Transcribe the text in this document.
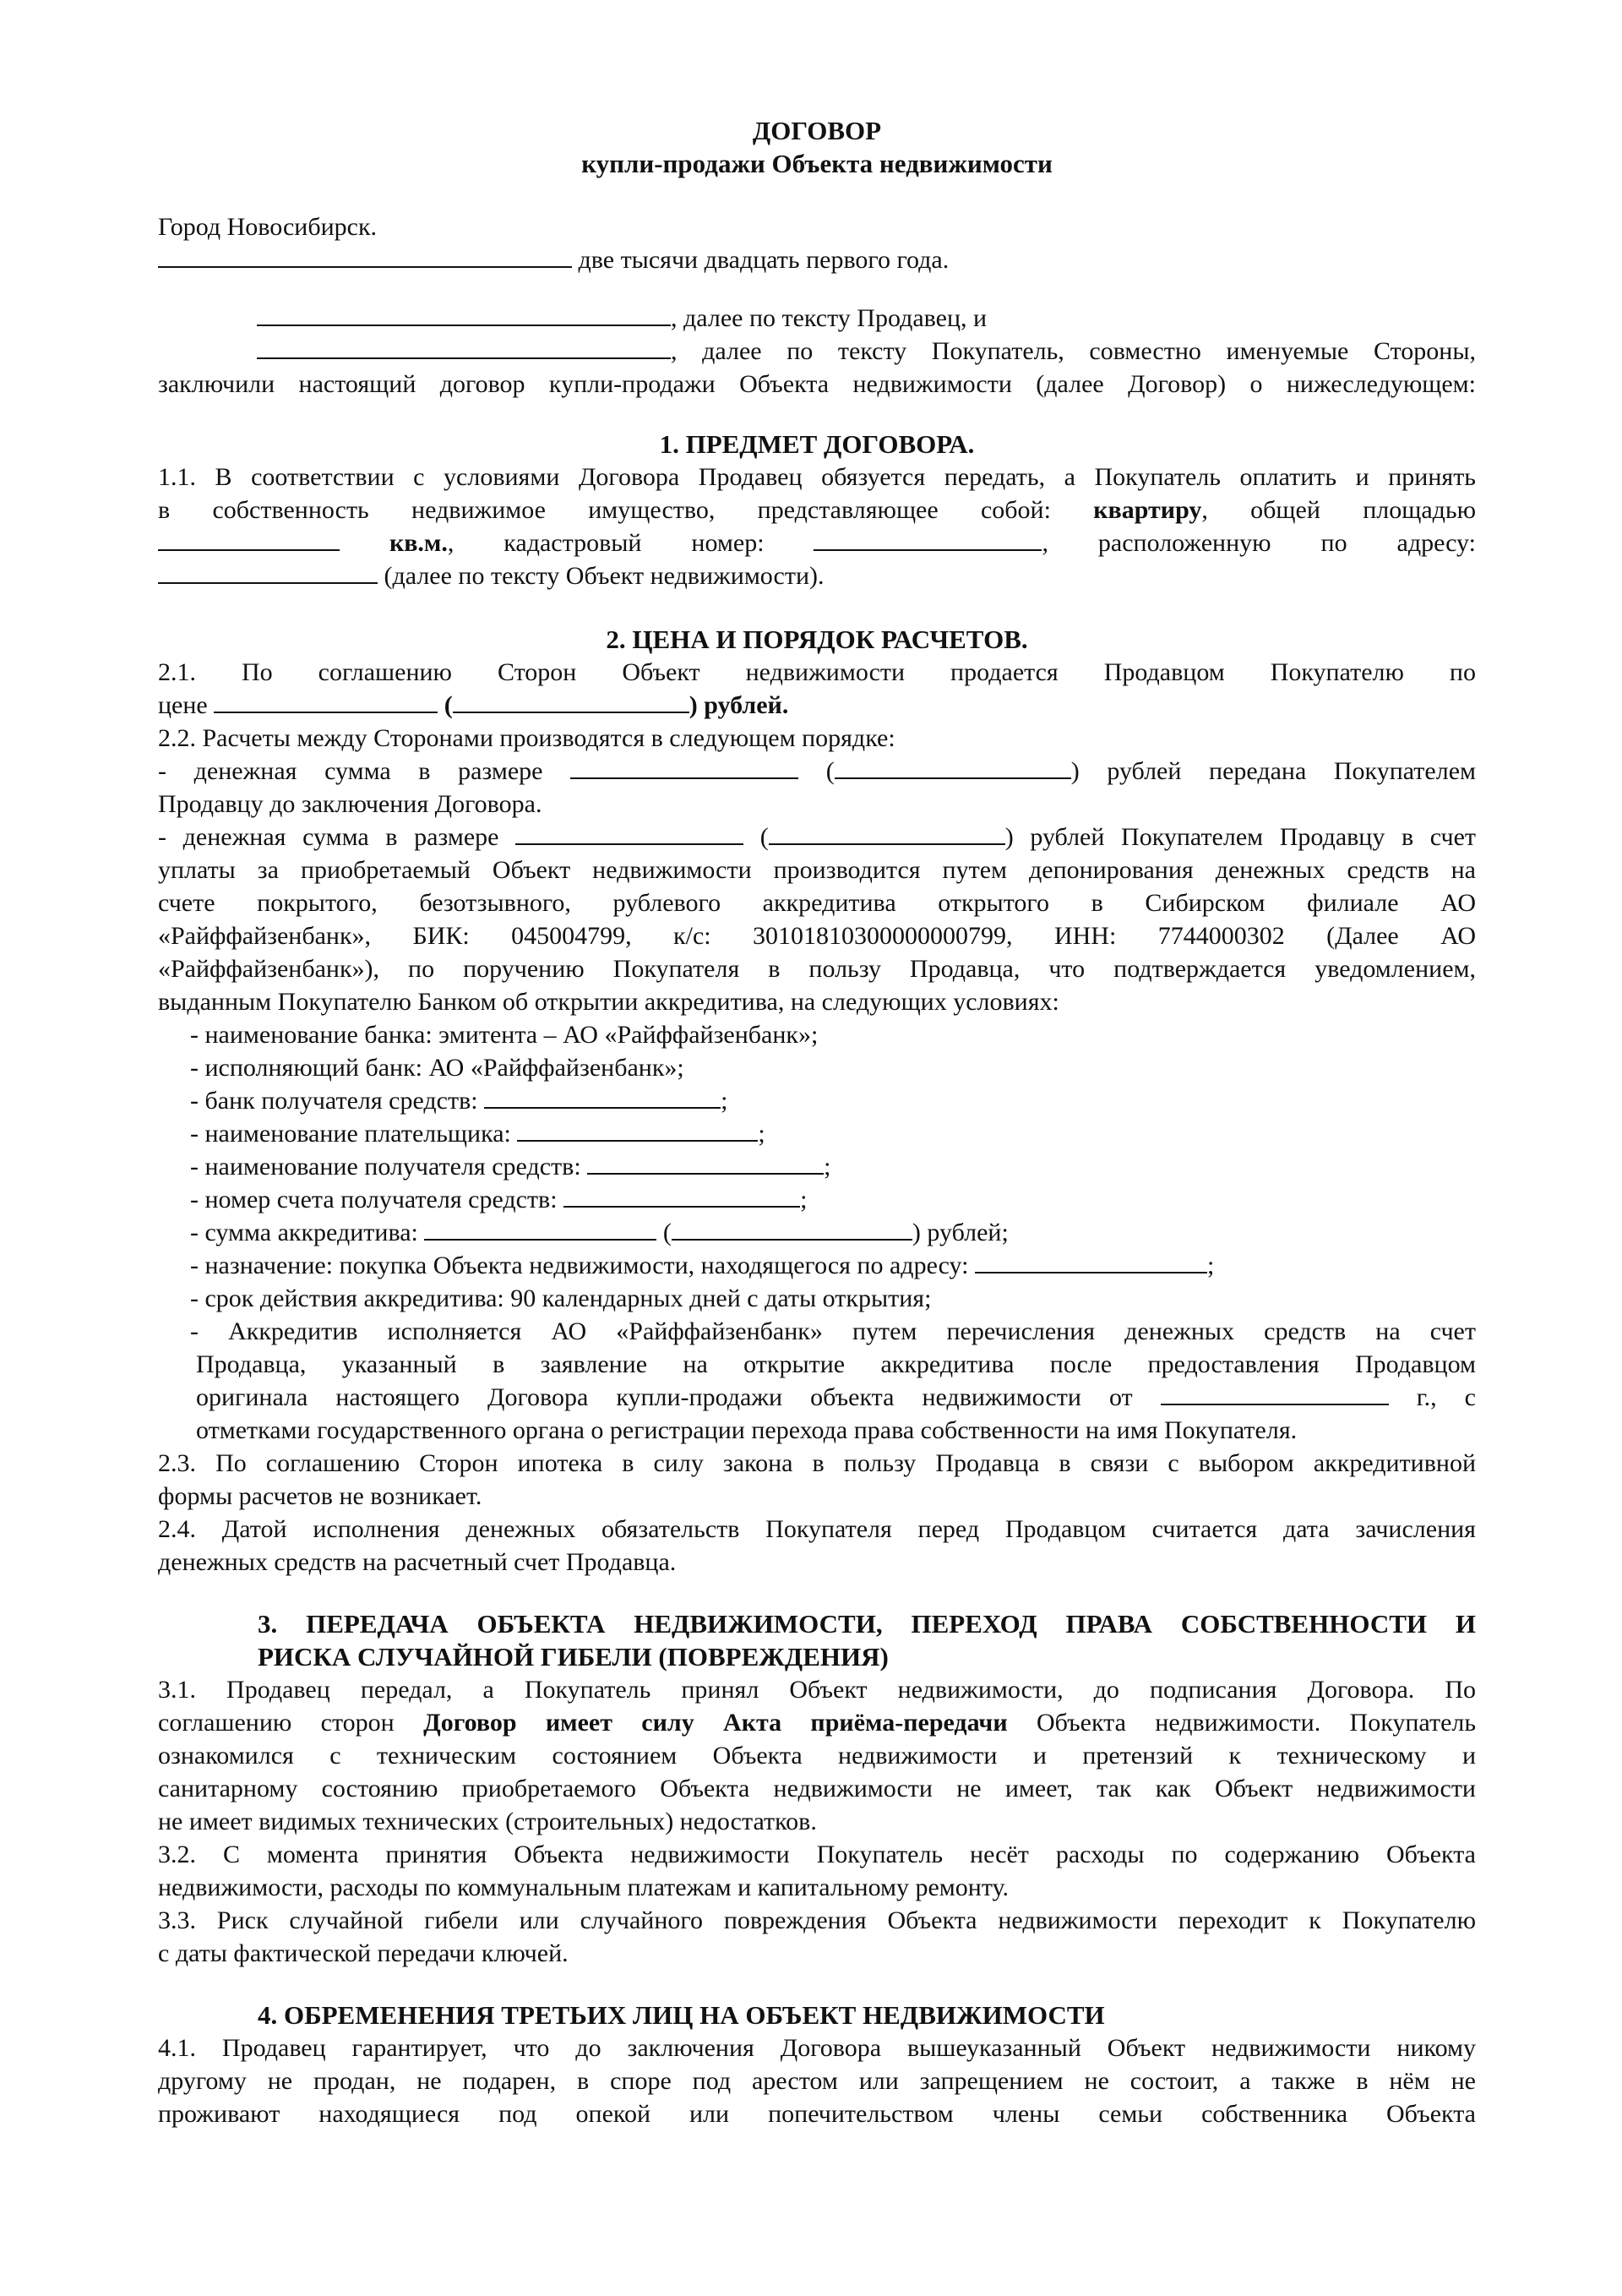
ДОГОВОР

купли-продажи Объекта недвижимости

Город Новосибирск.

две тысячи двадцать первого года.

, далее по тексту Продавец, и

, далее по тексту Покупатель, совместно именуемые Стороны,

заключили настоящий договор купли-продажи Объекта недвижимости (далее Договор) о нижеследующем:

1. ПРЕДМЕТ ДОГОВОРА.

1.1. В соответствии с условиями Договора Продавец обязуется передать, а Покупатель оплатить и принять

в собственность недвижимое имущество, представляющее собой: квартиру, общей площадью

кв.м., кадастровый номер:	, расположенную по адресу:

(далее по тексту Объект недвижимости).

2. ЦЕНА И ПОРЯДОК РАСЧЕТОВ.

2.1. По соглашению Сторон Объект недвижимости продается Продавцом Покупателю по

цене	(	) рублей.

2.2. Расчеты между Сторонами производятся в следующем порядке:

- денежная сумма в размере	(	) рублей передана Покупателем

Продавцу до заключения Договора.

- денежная сумма в размере	(	) рублей Покупателем Продавцу в счет

уплаты за приобретаемый Объект недвижимости производится путем депонирования денежных средств на

счете покрытого, безотзывного, рублевого аккредитива открытого в Сибирском филиале АО

«Райффайзенбанк», БИК: 045004799, к/с: 30101810300000000799, ИНН: 7744000302 (Далее АО

«Райффайзенбанк»), по поручению Покупателя в пользу Продавца, что подтверждается уведомлением,

выданным Покупателю Банком об открытии аккредитива, на следующих условиях:

- наименование банка: эмитента – АО «Райффайзенбанк»;

- исполняющий банк: АО «Райффайзенбанк»;

- банк получателя средств:	;

- наименование плательщика:	;

- наименование получателя средств:	;

- номер счета получателя средств:	;

- сумма аккредитива:	(	) рублей;

- назначение: покупка Объекта недвижимости, находящегося по адресу:	;

- срок действия аккредитива: 90 календарных дней с даты открытия;

- Аккредитив исполняется АО «Райффайзенбанк» путем перечисления денежных средств на счет

Продавца, указанный в заявление на открытие аккредитива после предоставления Продавцом

оригинала настоящего Договора купли-продажи объекта недвижимости от	г., с

отметками государственного органа о регистрации перехода права собственности на имя Покупателя.

2.3. По соглашению Сторон ипотека в силу закона в пользу Продавца в связи с выбором аккредитивной

формы расчетов не возникает.

2.4. Датой исполнения денежных обязательств Покупателя перед Продавцом считается дата зачисления

денежных средств на расчетный счет Продавца.

3. ПЕРЕДАЧА ОБЪЕКТА НЕДВИЖИМОСТИ, ПЕРЕХОД ПРАВА СОБСТВЕННОСТИ И

РИСКА СЛУЧАЙНОЙ ГИБЕЛИ (ПОВРЕЖДЕНИЯ)

3.1. Продавец передал, а Покупатель принял Объект недвижимости, до подписания Договора. По

соглашению сторон Договор имеет силу Акта приёма-передачи Объекта недвижимости. Покупатель

ознакомился с техническим состоянием Объекта недвижимости и претензий к техническому и

санитарному состоянию приобретаемого Объекта недвижимости не имеет, так как Объект недвижимости

не имеет видимых технических (строительных) недостатков.

3.2. С момента принятия Объекта недвижимости Покупатель несёт расходы по содержанию Объекта

недвижимости, расходы по коммунальным платежам и капитальному ремонту.

3.3. Риск случайной гибели или случайного повреждения Объекта недвижимости переходит к Покупателю

с даты фактической передачи ключей.

4. ОБРЕМЕНЕНИЯ ТРЕТЬИХ ЛИЦ НА ОБЪЕКТ НЕДВИЖИМОСТИ

4.1. Продавец гарантирует, что до заключения Договора вышеуказанный Объект недвижимости никому

другому не продан, не подарен, в споре под арестом или запрещением не состоит, а также в нём не

проживают находящиеся под опекой или попечительством члены семьи собственника Объекта
